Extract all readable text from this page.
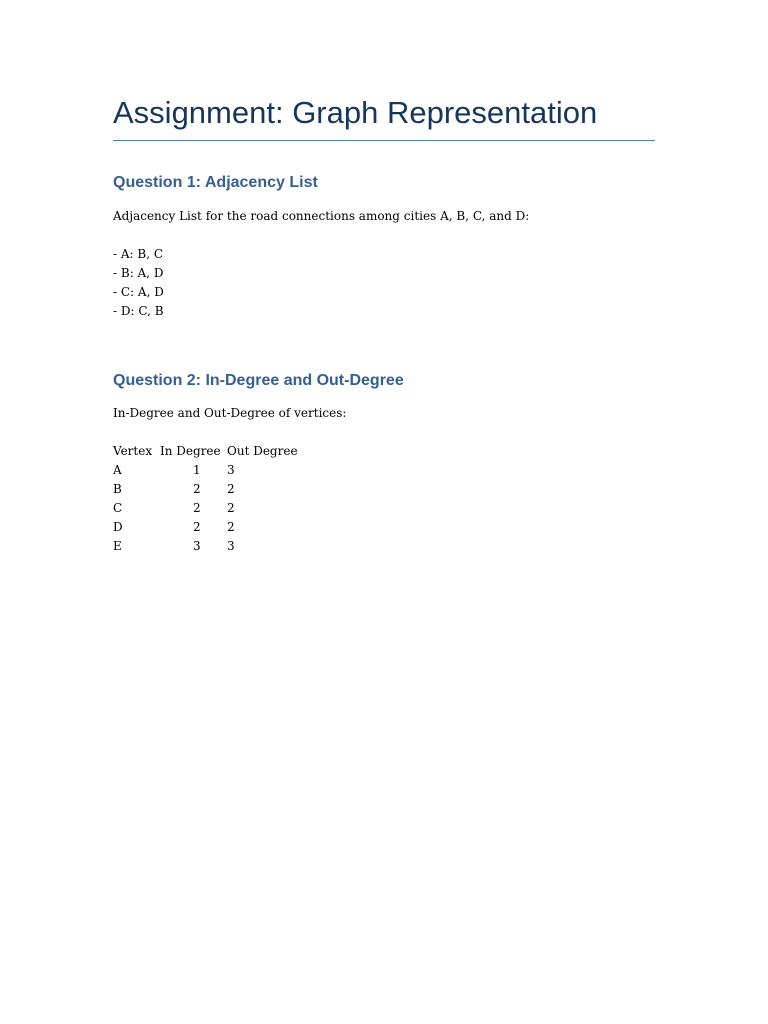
Assignment: Graph Representation
Question 1: Adjacency List

Adjacency List for the road connections among cities A, B, C, and D:

- A: B, C
- B: A, D
- C: A, D
- D: C, B
Question 2: In-Degree and Out-Degree

In-Degree and Out-Degree of vertices:

Vertex	In Degree	Out Degree
A	1	3
B	2	2
C	2	2
D	2	2
E	3	3
